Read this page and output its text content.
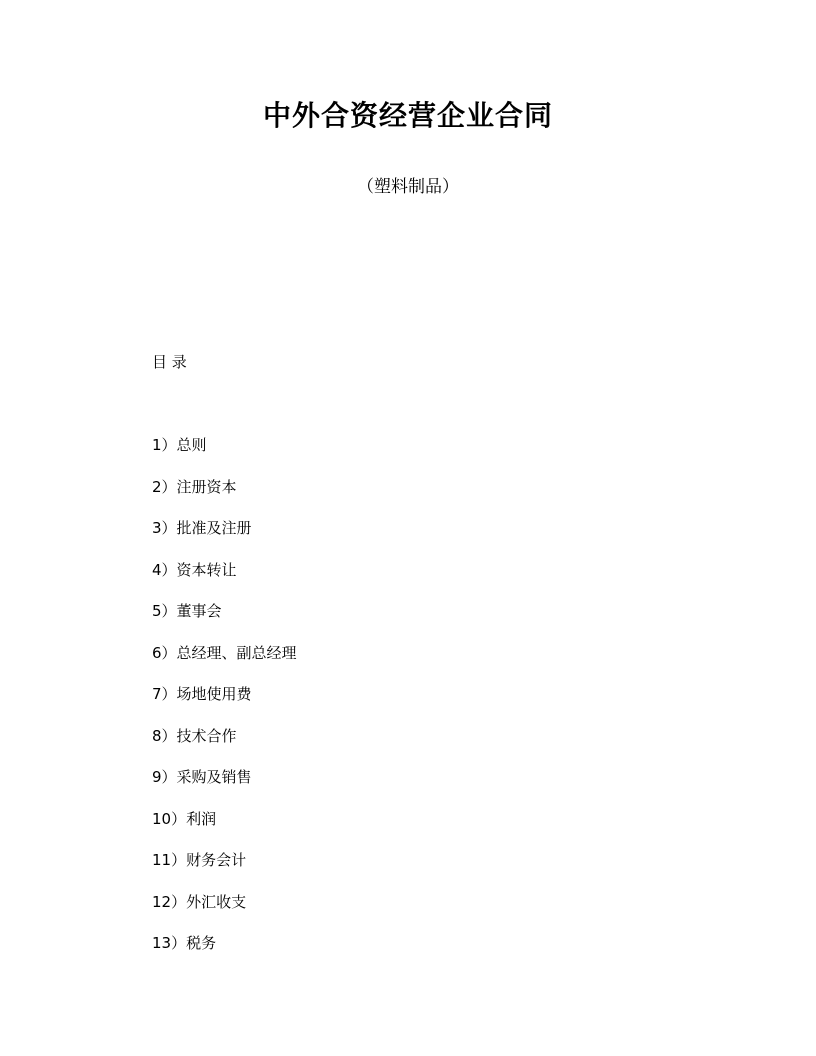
中外合资经营企业合同
（塑料制品）
目 录
1）总则
2）注册资本
3）批准及注册
4）资本转让
5）董事会
6）总经理、副总经理
7）场地使用费
8）技术合作
9）采购及销售
10）利润
11）财务会计
12）外汇收支
13）税务
